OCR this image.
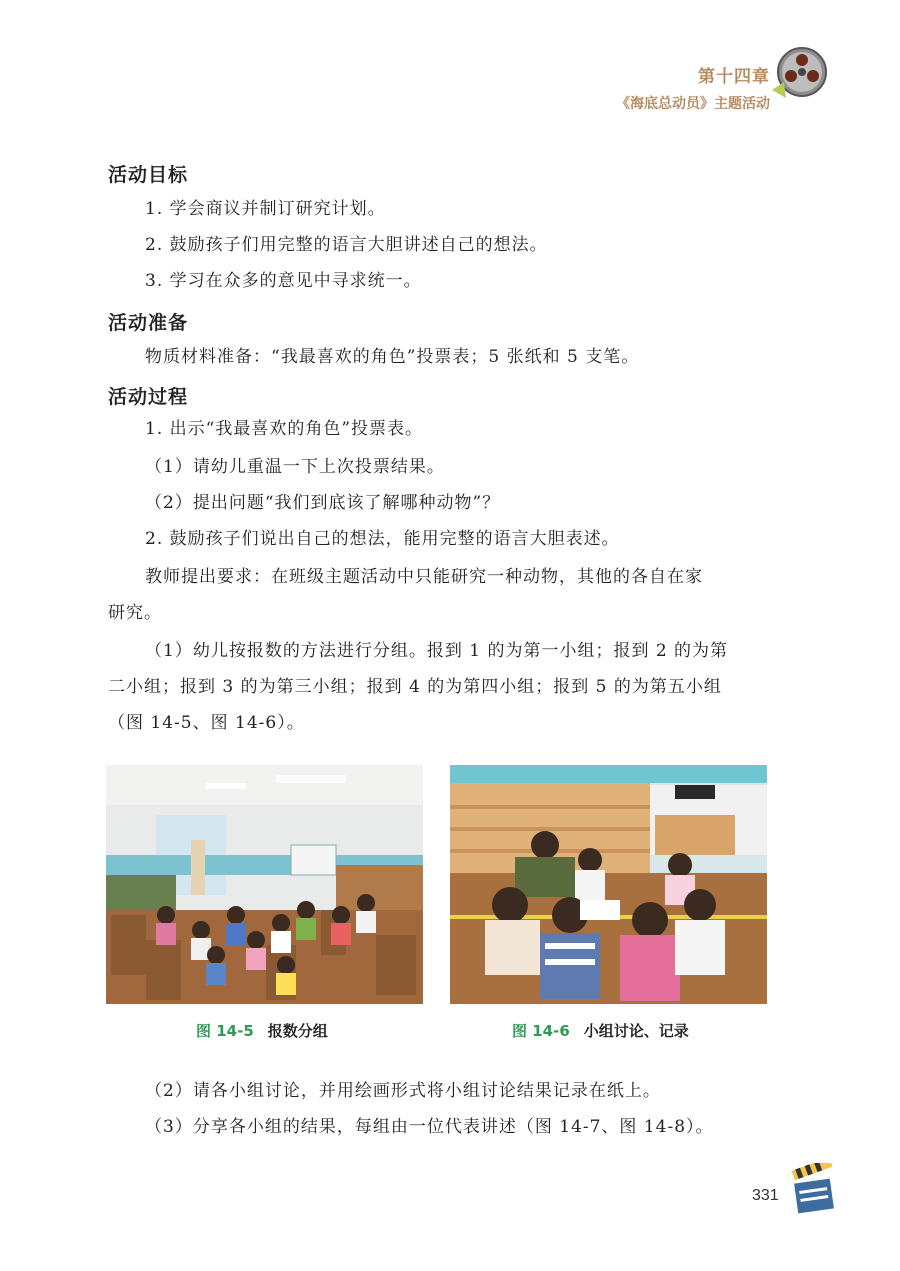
第十四章
《海底总动员》主题活动
活动目标
1. 学会商议并制订研究计划。
2. 鼓励孩子们用完整的语言大胆讲述自己的想法。
3. 学习在众多的意见中寻求统一。
活动准备
物质材料准备：“我最喜欢的角色”投票表；5 张纸和 5 支笔。
活动过程
1. 出示“我最喜欢的角色”投票表。
（1）请幼儿重温一下上次投票结果。
（2）提出问题“我们到底该了解哪种动物”？
2. 鼓励孩子们说出自己的想法，能用完整的语言大胆表述。
教师提出要求：在班级主题活动中只能研究一种动物，其他的各自在家
研究。
（1）幼儿按报数的方法进行分组。报到 1 的为第一小组；报到 2 的为第
二小组；报到 3 的为第三小组；报到 4 的为第四小组；报到 5 的为第五小组
（图 14-5、图 14-6）。
图 14-5 报数分组	图 14-6 小组讨论、记录
（2）请各小组讨论，并用绘画形式将小组讨论结果记录在纸上。
（3）分享各小组的结果，每组由一位代表讲述（图 14-7、图 14-8）。
331
